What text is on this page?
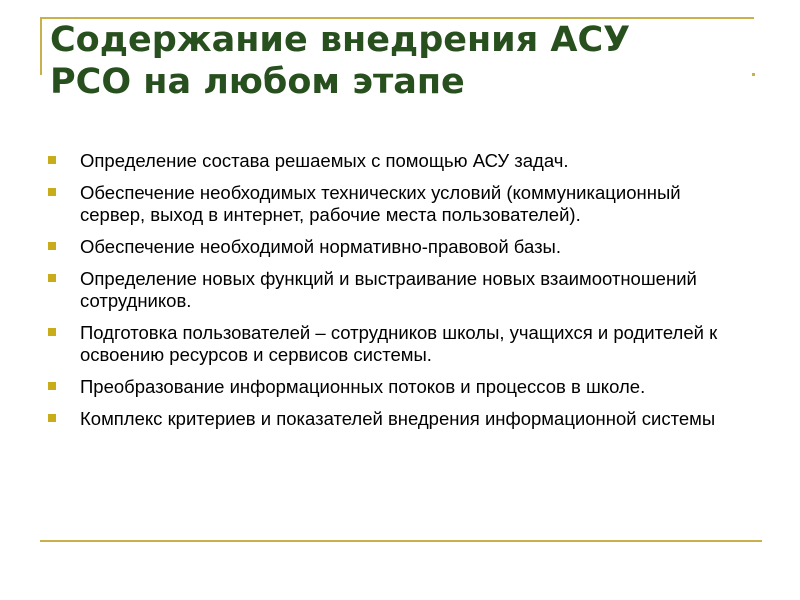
Содержание внедрения АСУ
РСО на любом этапе
Определение состава решаемых с помощью АСУ задач.
Обеспечение необходимых технических условий (коммуникационный сервер, выход в интернет, рабочие места пользователей).
Обеспечение необходимой нормативно-правовой базы.
Определение новых функций и выстраивание новых взаимоотношений сотрудников.
Подготовка пользователей – сотрудников школы, учащихся и родителей к освоению ресурсов и сервисов системы.
Преобразование информационных потоков и процессов в школе.
Комплекс критериев и показателей внедрения информационной системы
